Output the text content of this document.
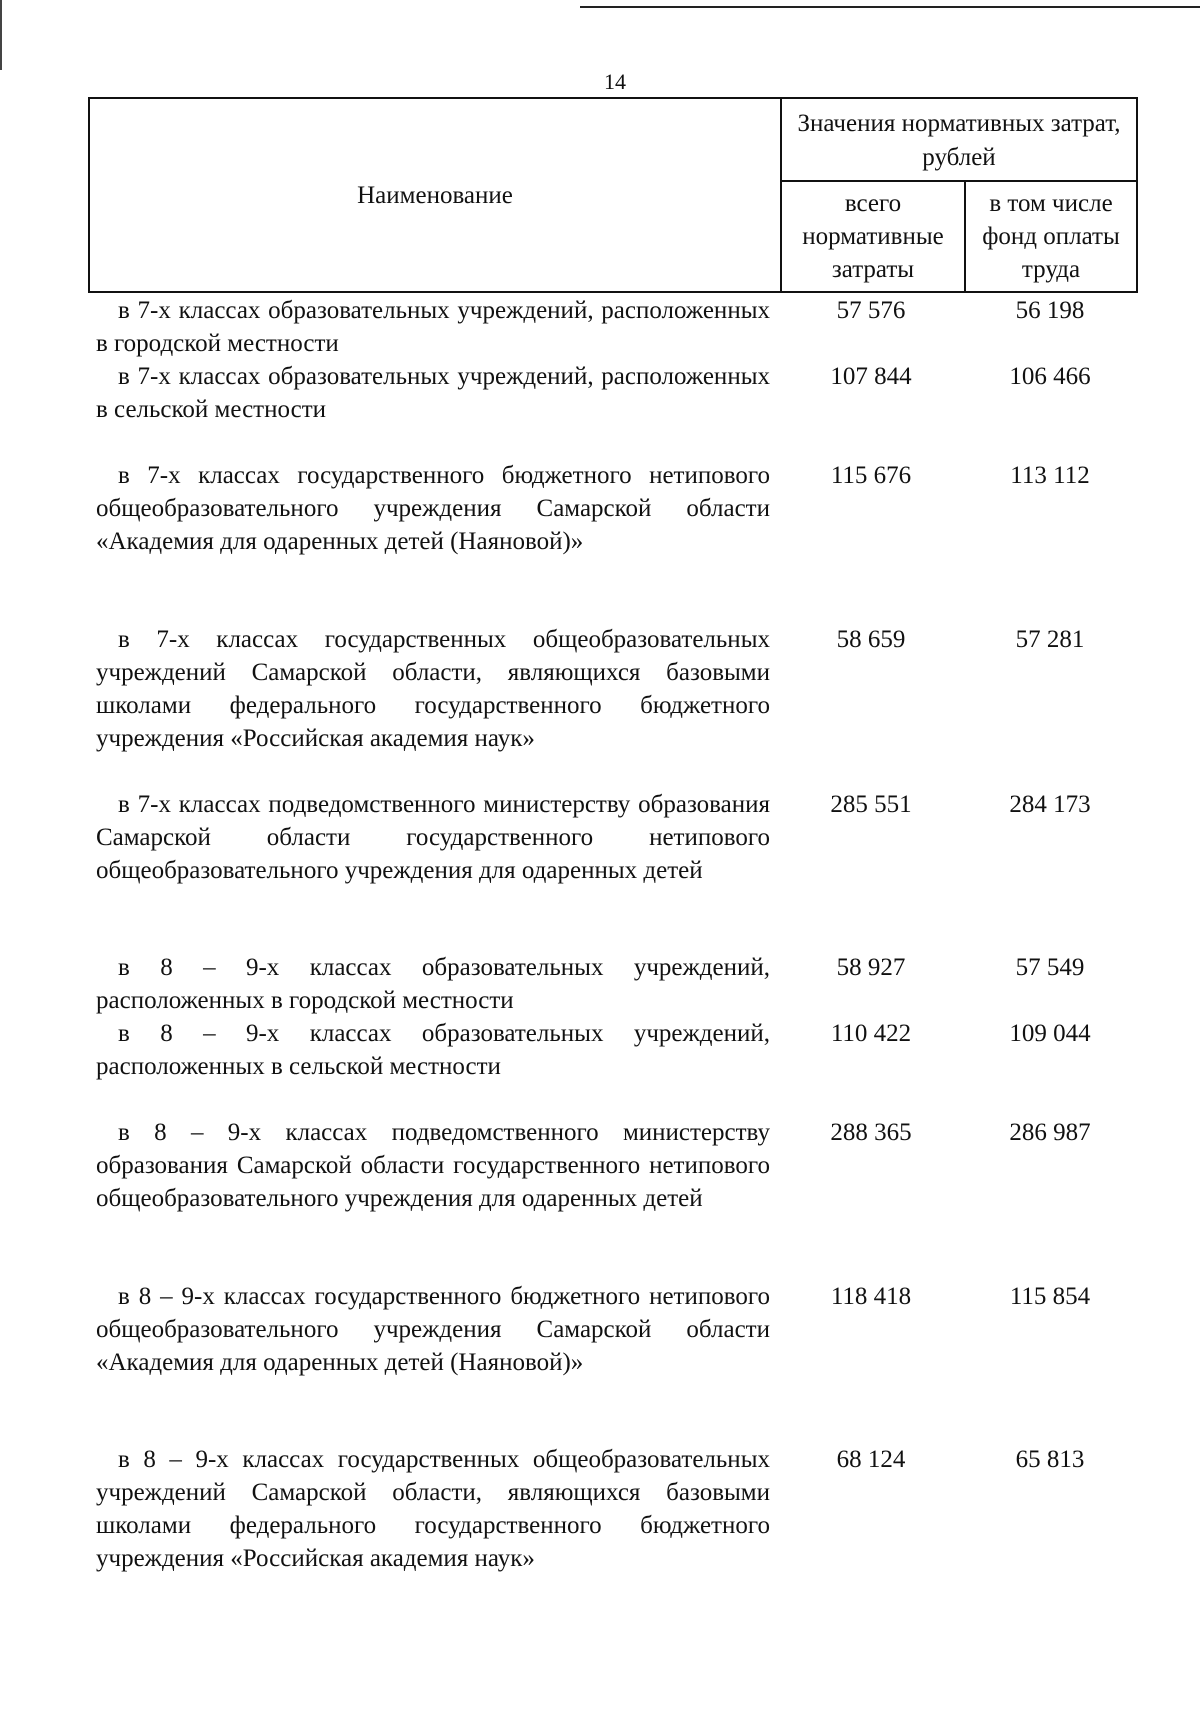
14
Наименование
Значения нормативных затрат, рублей
всего нормативные затраты
в том числе фонд оплаты труда
в 7-х классах образовательных учреждений, расположенных в городской местности
57 576	56 198
в 7-х классах образовательных учреждений, расположенных в сельской местности
107 844	106 466
в 7-х классах государственного бюджетного нетипового общеобразовательного учреждения Самарской области «Академия для одаренных детей (Наяновой)»
115 676	113 112
в 7-х классах государственных общеобразовательных учреждений Самарской области, являющихся базовыми школами федерального государственного бюджетного учреждения «Российская академия наук»
58 659	57 281
в 7-х классах подведомственного министерству образования Самарской области государственного нетипового общеобразовательного учреждения для одаренных детей
285 551	284 173
в 8 – 9-х классах образовательных учреждений, расположенных в городской местности
58 927	57 549
в 8 – 9-х классах образовательных учреждений, расположенных в сельской местности
110 422	109 044
в 8 – 9-х классах подведомственного министерству образования Самарской области государственного нетипового общеобразовательного учреждения для одаренных детей
288 365	286 987
в 8 – 9-х классах государственного бюджетного нетипового общеобразовательного учреждения Самарской области «Академия для одаренных детей (Наяновой)»
118 418	115 854
в 8 – 9-х классах государственных общеобразовательных учреждений Самарской области, являющихся базовыми школами федерального государственного бюджетного учреждения «Российская академия наук»
68 124	65 813
